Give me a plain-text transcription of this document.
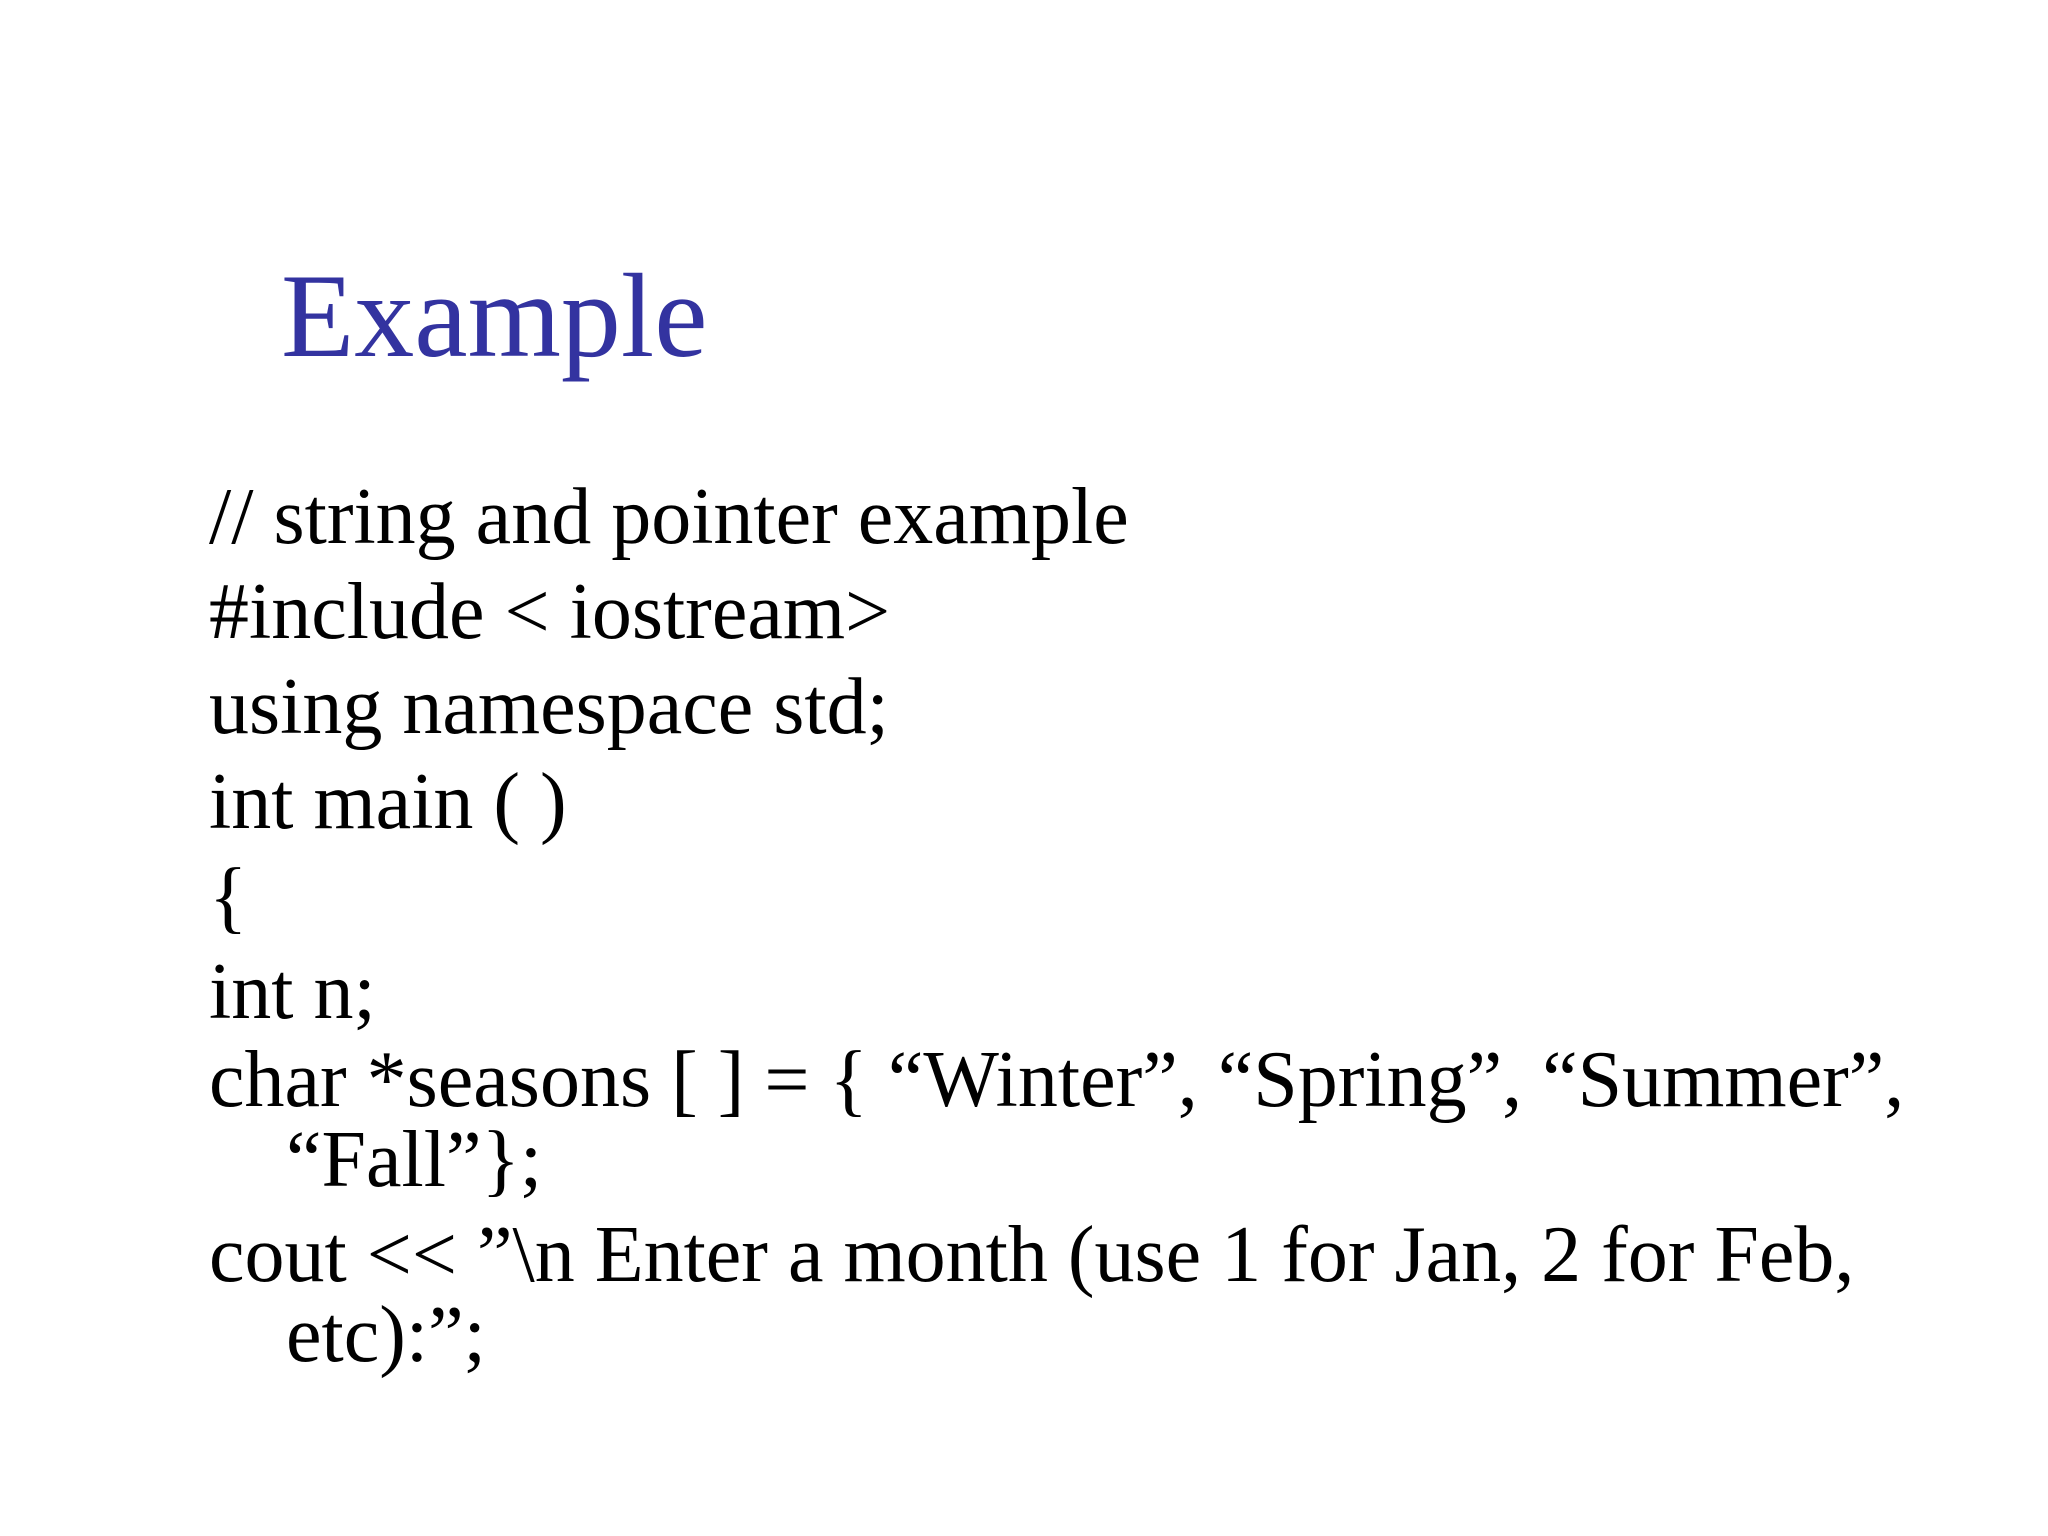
Example

// string and pointer example

#include < iostream>

using namespace std;

int main ( )

{

int n;

char *seasons [ ] = { “Winter”, “Spring”, “Summer”, “Fall”};

cout << ”\n Enter a month (use 1 for Jan, 2 for Feb, etc):”;
